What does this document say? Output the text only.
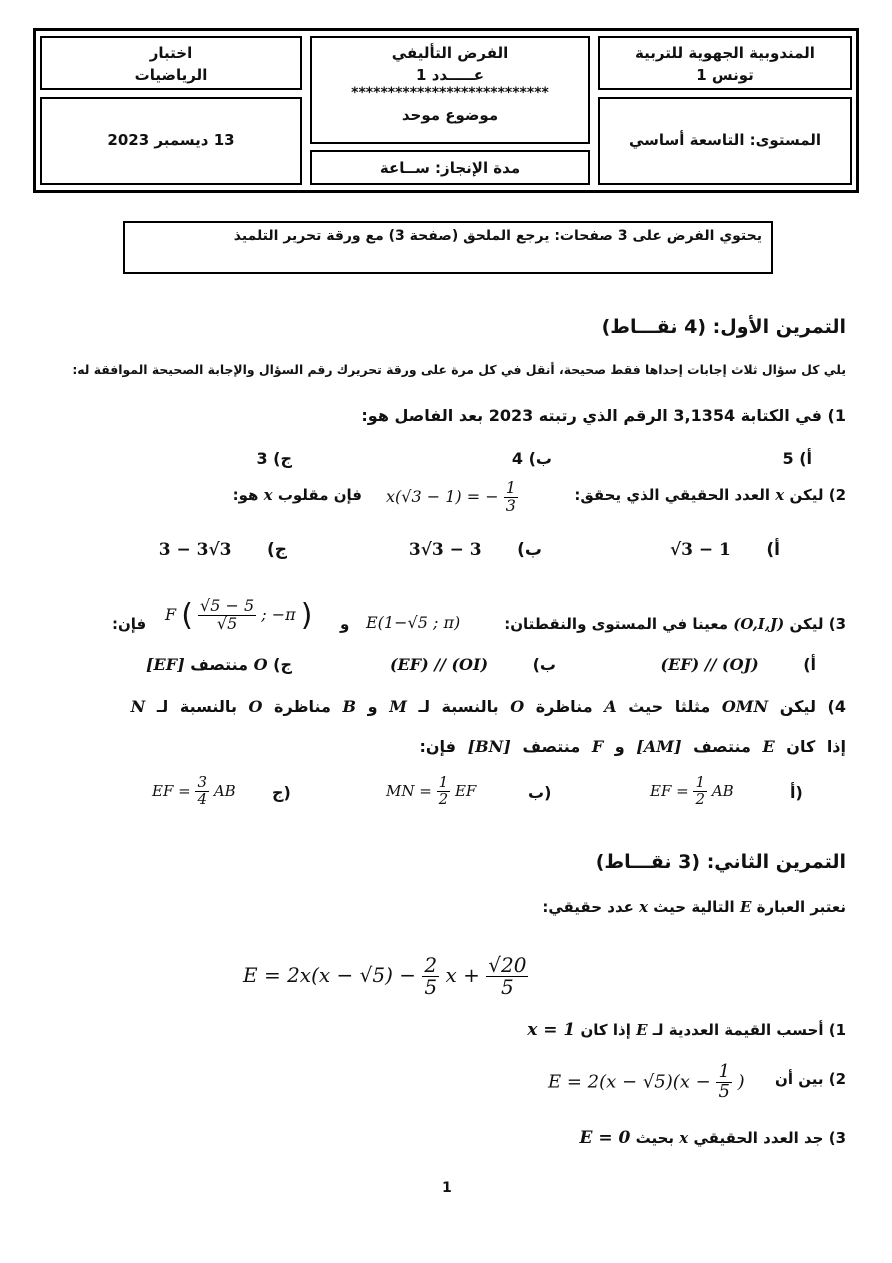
المندوبية الجهوية للتربية
تونس 1
الفرض التأليفي
عـــــدد 1
***************************
موضوع موحد
اختبار
الرياضيات
المستوى: التاسعة أساسي
مدة الإنجاز: ســاعة
13 ديسمبر 2023
يحتوي الفرض على 3 صفحات: يرجع الملحق (صفحة 3) مع ورقة تحرير التلميذ
التمرين الأول: (4 نقـــاط)
يلي كل سؤال ثلاث إجابات إحداها فقط صحيحة، أنقل في كل مرة على ورقة تحريرك رقم السؤال والإجابة الصحيحة الموافقة له:
1) في الكتابة 3,1354 الرقم الذي رتبته 2023 بعد الفاصل هو:
أ) 5
ب) 4
ج) 3
2) ليكن x العدد الحقيقي الذي يحقق:
x(√3 − 1) = − $\frac{1}{3}$
فإن مقلوب x هو:
أ)      √3 − 1
ب)      3√3 − 3
ج)      3 − 3√3
3) ليكن (O,I,J) معينا في المستوى والنقطتان:
E(1−√5 ; π)
و
F ( $\frac{√5 - 5}{√5}$ ; −π )
فإن:
أ)        (EF) // (OJ)
ب)        (EF) // (OI)
ج) O منتصف [EF]
4) ليكن OMN مثلثا حيث A مناظرة O بالنسبة لـ M و B مناظرة O بالنسبة لـ N
إذا كان E منتصف [AM] و F منتصف [BN] فإن:
أ)
EF = $\frac{1}{2}$ AB
ب)
MN = $\frac{1}{2}$ EF
ج)
EF = $\frac{3}{4}$ AB
التمرين الثاني: (3 نقـــاط)
نعتبر العبارة E التالية حيث x عدد حقيقي:
$E = 2x(x - √5) - \frac{2}{5}$ $x + \frac{√20}{5}$
1) أحسب القيمة العددية لـ E إذا كان x = 1
2) بين أن
$E = 2(x - √5)(x - \frac{1}{5}$ )
3) جد العدد الحقيقي x بحيث E = 0
1
